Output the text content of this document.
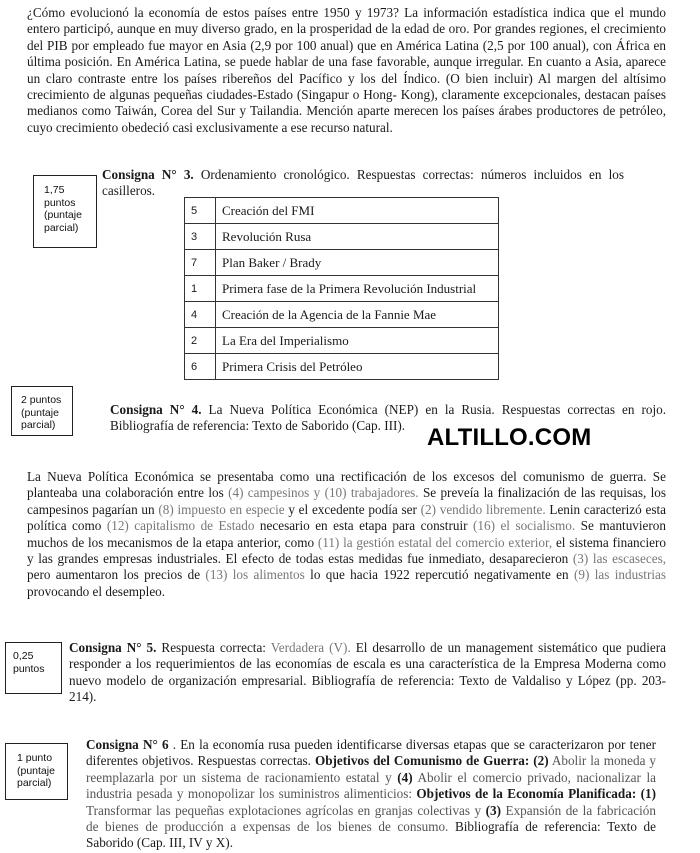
¿Cómo evolucionó la economía de estos países entre 1950 y 1973? La información estadística indica que el mundo entero participó, aunque en muy diverso grado, en la prosperidad de la edad de oro. Por grandes regiones, el crecimiento del PIB por empleado fue mayor en Asia (2,9 por 100 anual) que en América Latina (2,5 por 100 anual), con África en última posición. En América Latina, se puede hablar de una fase favorable, aunque irregular. En cuanto a Asia, aparece un claro contraste entre los países ribereños del Pacífico y los del Índico. (O bien incluir) Al margen del altísimo crecimiento de algunas pequeñas ciudades-Estado (Singapur o Hong- Kong), claramente excepcionales, destacan países medianos como Taiwán, Corea del Sur y Tailandia. Mención aparte merecen los países árabes productores de petróleo, cuyo crecimiento obedeció casi exclusivamente a ese recurso natural.

1,75
puntos
(puntaje
parcial)

Consigna N° 3. Ordenamiento cronológico. Respuestas correctas: números incluidos en los casilleros.

5	Creación del FMI
3	Revolución Rusa
7	Plan Baker / Brady
1	Primera fase de la Primera Revolución Industrial
4	Creación de la Agencia de la Fannie Mae
2	La Era del Imperialismo
6	Primera Crisis del Petróleo
2 puntos
(puntaje
parcial)

Consigna N° 4. La Nueva Política Económica (NEP) en la Rusia. Respuestas correctas en rojo. Bibliografía de referencia: Texto de Saborido (Cap. III). ALTILLO.COM

La Nueva Política Económica se presentaba como una rectificación de los excesos del comunismo de guerra. Se planteaba una colaboración entre los (4) campesinos y (10) trabajadores. Se preveía la finalización de las requisas, los campesinos pagarían un (8) impuesto en especie y el excedente podía ser (2) vendido libremente. Lenin caracterizó esta política como (12) capitalismo de Estado necesario en esta etapa para construir (16) el socialismo. Se mantuvieron muchos de los mecanismos de la etapa anterior, como (11) la gestión estatal del comercio exterior, el sistema financiero y las grandes empresas industriales. El efecto de todas estas medidas fue inmediato, desaparecieron (3) las escaseces, pero aumentaron los precios de (13) los alimentos lo que hacia 1922 repercutió negativamente en (9) las industrias provocando el desempleo.

0,25
puntos

Consigna N° 5. Respuesta correcta: Verdadera (V). El desarrollo de un management sistemático que pudiera responder a los requerimientos de las economías de escala es una característica de la Empresa Moderna como nuevo modelo de organización empresarial. Bibliografía de referencia: Texto de Valdaliso y López (pp. 203- 214).

1 punto
(puntaje
parcial)

Consigna N° 6 . En la economía rusa pueden identificarse diversas etapas que se caracterizaron por tener diferentes objetivos. Respuestas correctas. Objetivos del Comunismo de Guerra: (2) Abolir la moneda y reemplazarla por un sistema de racionamiento estatal y (4) Abolir el comercio privado, nacionalizar la industria pesada y monopolizar los suministros alimenticios: Objetivos de la Economía Planificada: (1) Transformar las pequeñas explotaciones agrícolas en granjas colectivas y (3) Expansión de la fabricación de bienes de producción a expensas de los bienes de consumo. Bibliografía de referencia: Texto de Saborido (Cap. III, IV y X).
